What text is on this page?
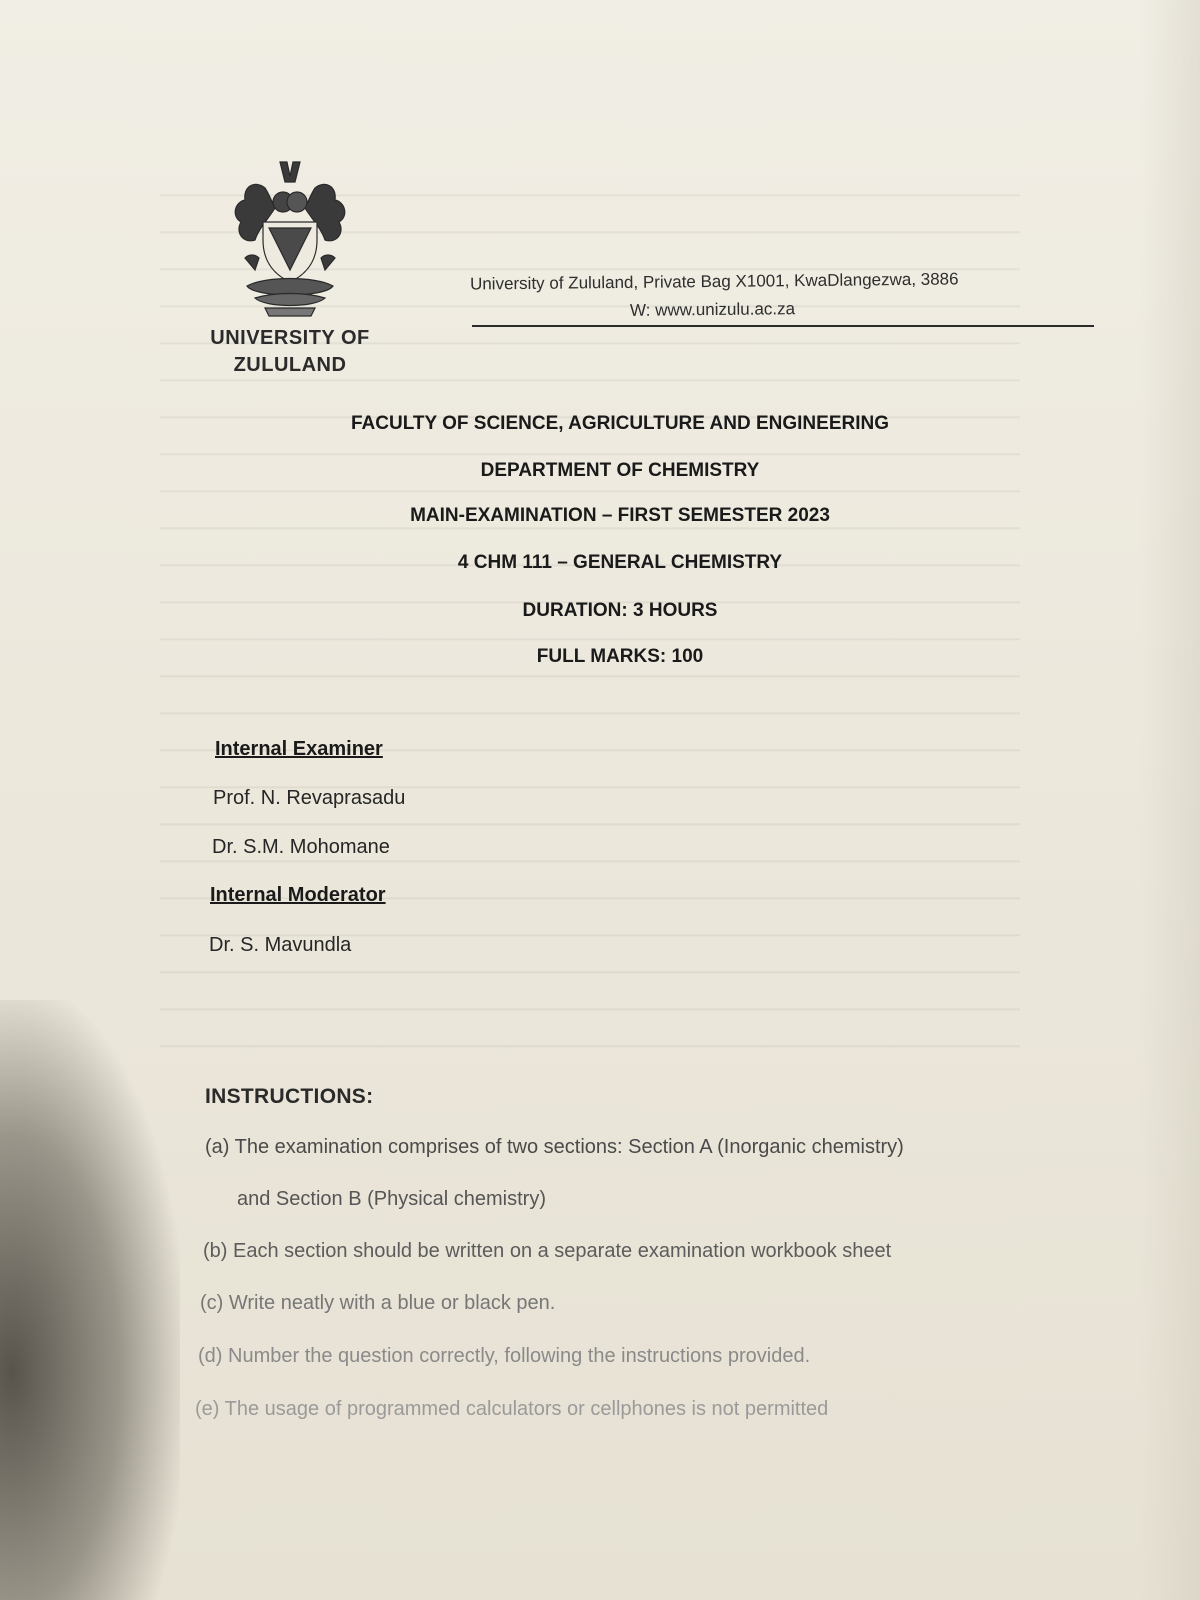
UNIVERSITY OF
ZULULAND
University of Zululand, Private Bag X1001, KwaDlangezwa, 3886
W: www.unizulu.ac.za
FACULTY OF SCIENCE, AGRICULTURE AND ENGINEERING
DEPARTMENT OF CHEMISTRY
MAIN-EXAMINATION – FIRST SEMESTER 2023
4 CHM 111 – GENERAL CHEMISTRY
DURATION: 3 HOURS
FULL MARKS: 100
Internal Examiner
Prof. N. Revaprasadu
Dr. S.M. Mohomane
Internal Moderator
Dr. S. Mavundla
INSTRUCTIONS:
(a) The examination comprises of two sections: Section A (Inorganic chemistry)
and Section B (Physical chemistry)
(b) Each section should be written on a separate examination workbook sheet
(c) Write neatly with a blue or black pen.
(d) Number the question correctly, following the instructions provided.
(e) The usage of programmed calculators or cellphones is not permitted
